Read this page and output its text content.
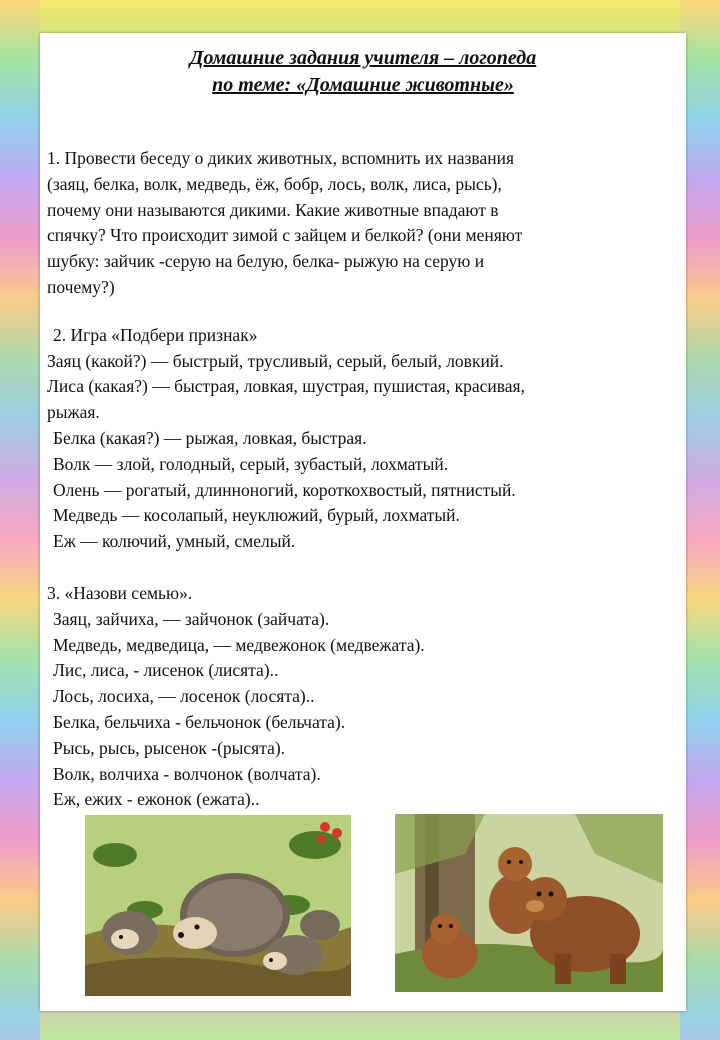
Домашние задания учителя – логопеда
по теме: «Домашние животные»
1. Провести беседу о диких животных, вспомнить их названия
(заяц, белка, волк, медведь, ёж, бобр, лось, волк, лиса, рысь),
почему они называются дикими. Какие животные впадают в
спячку? Что происходит зимой с зайцем и белкой? (они меняют
шубку: зайчик -серую на белую, белка- рыжую на серую и
почему?)
2. Игра «Подбери признак»
Заяц (какой?) — быстрый, трусливый, серый, белый, ловкий.
Лиса (какая?) — быстрая, ловкая, шустрая, пушистая, красивая,
рыжая.
Белка (какая?) — рыжая, ловкая, быстрая.
Волк — злой, голодный, серый, зубастый, лохматый.
Олень — рогатый, длинноногий, короткохвостый, пятнистый.
Медведь — косолапый, неуклюжий, бурый, лохматый.
Еж — колючий, умный, смелый.
3. «Назови семью».
Заяц, зайчиха, — зайчонок (зайчата).
Медведь, медведица, — медвежонок (медвежата).
Лис, лиса, - лисенок (лисята)..
Лось, лосиха, — лосенок (лосята)..
Белка, бельчиха - бельчонок (бельчата).
Рысь, рысь, рысенок -(рысята).
Волк, волчиха - волчонок (волчата).
Еж, ежих - ежонок (ежата)..
